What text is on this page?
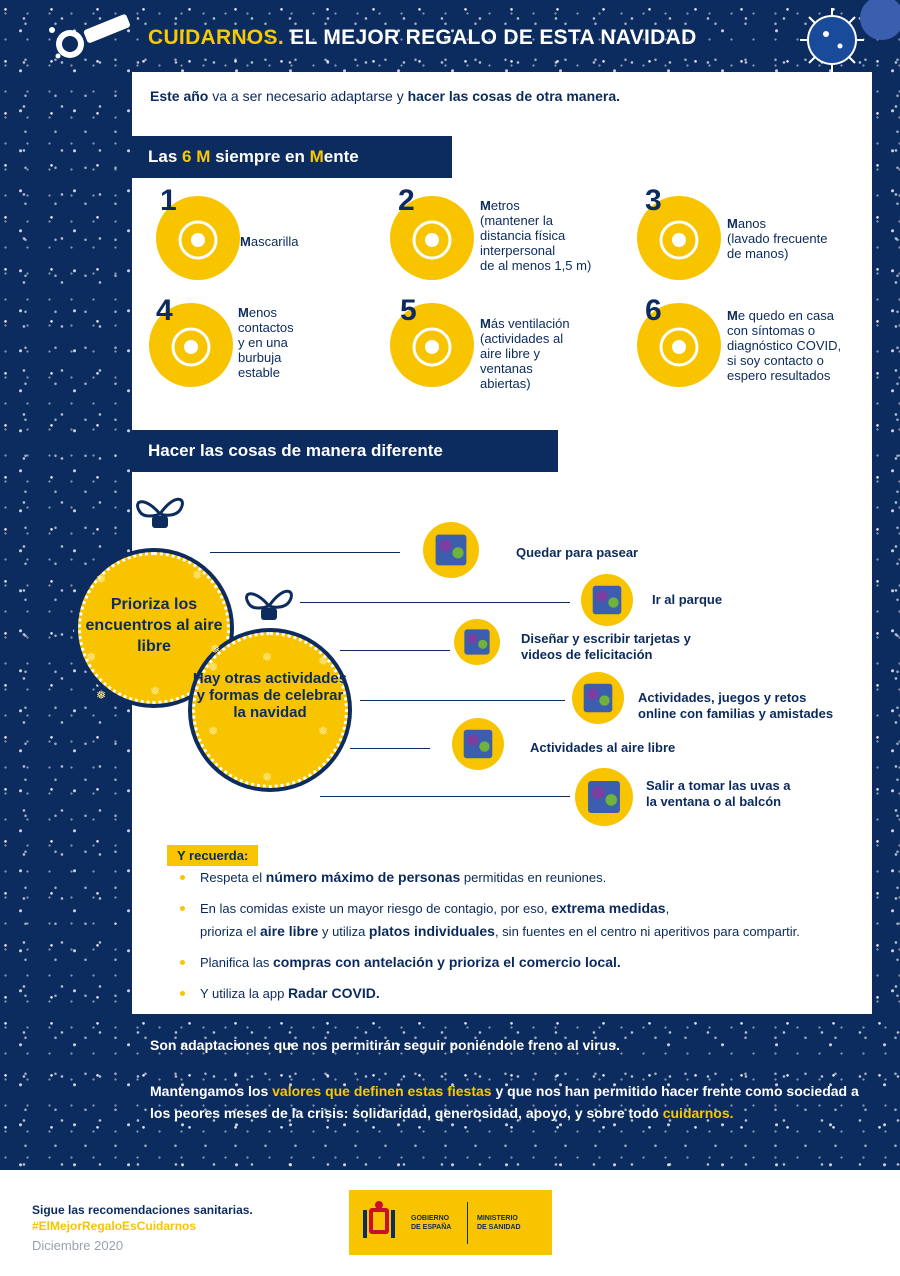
CUIDARNOS. EL MEJOR REGALO DE ESTA NAVIDAD
Este año va a ser necesario adaptarse y hacer las cosas de otra manera.
Las 6 M siempre en Mente
1
Mascarilla
2	Metros
(mantener la
distancia física
interpersonal
de al menos 1,5 m)
3
Manos
(lavado frecuente
de manos)
4	Menos
contactos
y en una
burbuja
estable
5	Más ventilación
(actividades al
aire libre y
ventanas
abiertas)
6	Me quedo en casa
con síntomas o
diagnóstico COVID,
si soy contacto o
espero resultados
Hacer las cosas de manera diferente
Prioriza los encuentros al aire libre
Hay otras actividades y formas de celebrar la navidad
Quedar para pasear
Ir al parque
Diseñar y escribir tarjetas y
videos de felicitación
Actividades, juegos y retos
online con familias y amistades
Actividades al aire libre
Salir a tomar las uvas a
la ventana o al balcón
Y recuerda:
Respeta el número máximo de personas permitidas en reuniones.
En las comidas existe un mayor riesgo de contagio, por eso, extrema medidas,
prioriza el aire libre y utiliza platos individuales, sin fuentes en el centro ni aperitivos para compartir.
Planifica las compras con antelación y prioriza el comercio local.
Y utiliza la app Radar COVID.
Son adaptaciones que nos permitirán seguir poniéndole freno al virus.
Mantengamos los valores que definen estas fiestas y que nos han permitido hacer frente como sociedad a los peores meses de la crisis: solidaridad, generosidad, apoyo, y sobre todo cuidarnos.
Sigue las recomendaciones sanitarias.
#ElMejorRegaloEsCuidarnos
Diciembre 2020
GOBIERNO
DE ESPAÑA
MINISTERIO
DE SANIDAD
❅	❅
❅
❅
❅	❅
❅
❅	❅
❅	❅
❅
